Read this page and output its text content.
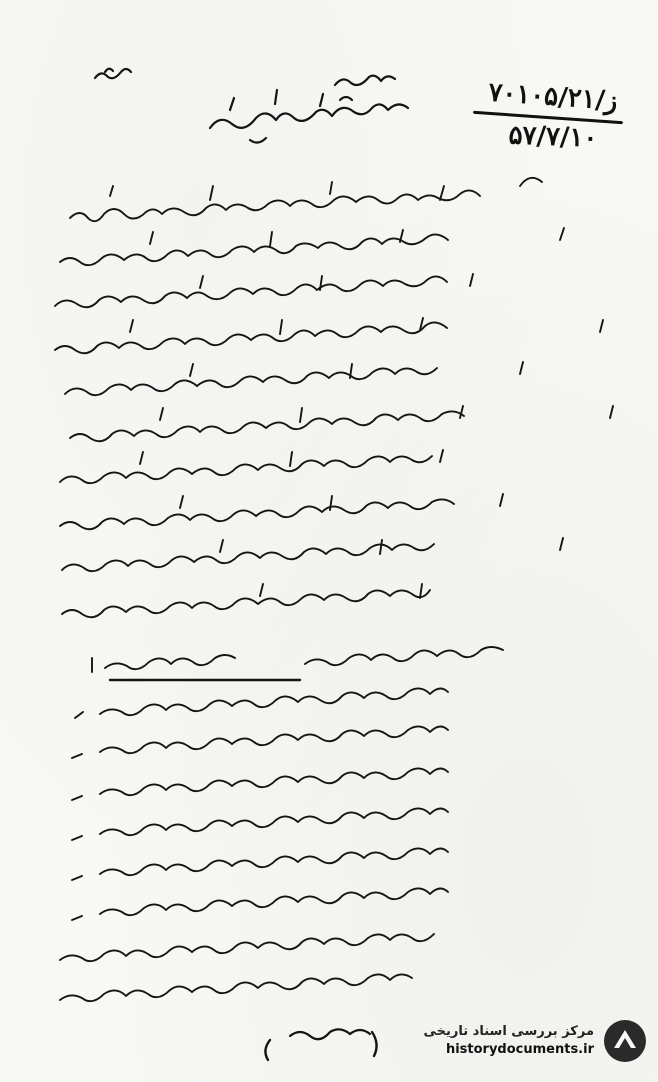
۷۰۱۰۵/۲۱/ز
۵۷/۷/۱۰
مرکز بررسی اسناد تاریخی
historydocuments.ir
